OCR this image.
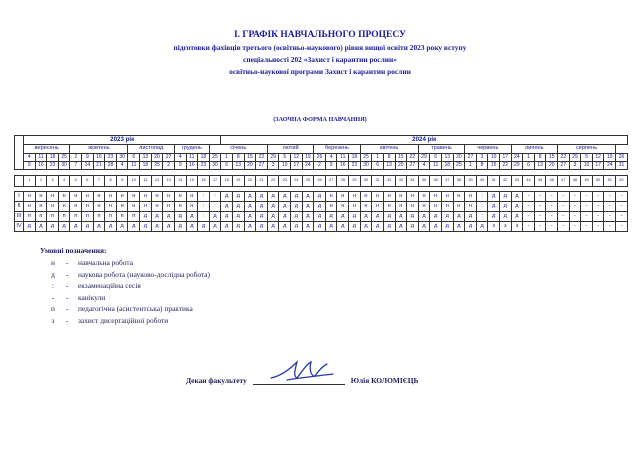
І. ГРАФІК НАВЧАЛЬНОГО ПРОЦЕСУ
підготовки фахівців третього (освітньо-наукового) рівня вищої освіти 2023 року вступу
спеціальності 202 «Захист і карантин рослин»
освітньо-наукової програми Захист і карантин рослин
(ЗАОЧНА ФОРМА НАВЧАННЯ)
	2023 рік																	2024 рік																																		
	вересень				жовтень					листопад				грудень			січень					лютий				березень				квітень					травень				червень				липень				серпень					
	4	11	18	25	2	9	16	23	30	6	13	20	27	4	11	18	25	1	8	15	22	29	5	12	19	26	4	11	18	25	1	8	15	22	29	6	13	20	27	3	10	17	24	1	8	15	22	29	5	12	19	26
	9	16	23	30	7	14	21	28	4	11	18	25	2	9	16	23	30	6	13	20	27	3	10	17	24	2	9	16	23	30	6	13	20	27	4	11	18	25	1	8	15	22	29	6	13	20	27	3	10	17	24	31

	1	2	3	4	5	6	7	8	9	10	11	12	13	14	15	16	17	18	19	20	21	22	23	24	25	26	27	28	29	30	31	32	33	34	35	36	37	38	39	40	41	42	43	44	45	46	47	48	49	50	51	52

І	н	н	н	н	н	н	н	н	н	н	н	н	н	н	н	:	:	д	д	д	д	д	д	д	д	д	н	н	н	н	н	н	н	н	н	н	н	н	н	:	д	д	д	-	-	-	-	-	-	-	-	-
ІІ	н	н	н	н	н	н	н	н	н	н	н	н	н	н	н	:	:	д	д	д	д	д	д	д	д	д	н	н	н	н	н	н	н	н	н	н	н	н	н	:	д	д	д	-	-	-	-	-	-	-	-	-
ІІІ	п	п	п	п	п	п	п	п	п	п	д	д	д	д	д	:	д	д	д	д	д	д	д	д	д	д	д	д	д	д	д	д	д	д	д	д	д	д	д	:	д	д	д	-	-	-	-	-	-	-	-	-
ІV	д	д	д	д	д	д	д	д	д	д	д	д	д	д	д	д	д	д	д	д	д	д	д	д	д	д	д	д	д	д	д	д	д	д	д	д	д	д	д	д	з	з	з	-	-	-	-	-	-	-	-	-
Умовні позначення:
н	-	навчальна робота
д	-	наукова робота (науково-дослідна робота)
:	-	екзаменаційна сесія
-	-	канікули
п	-	педагогічна (асистентська) практика
з	-	захист дисертаційної роботи
Декан факультету	Юлія КОЛОМІЄЦЬ
